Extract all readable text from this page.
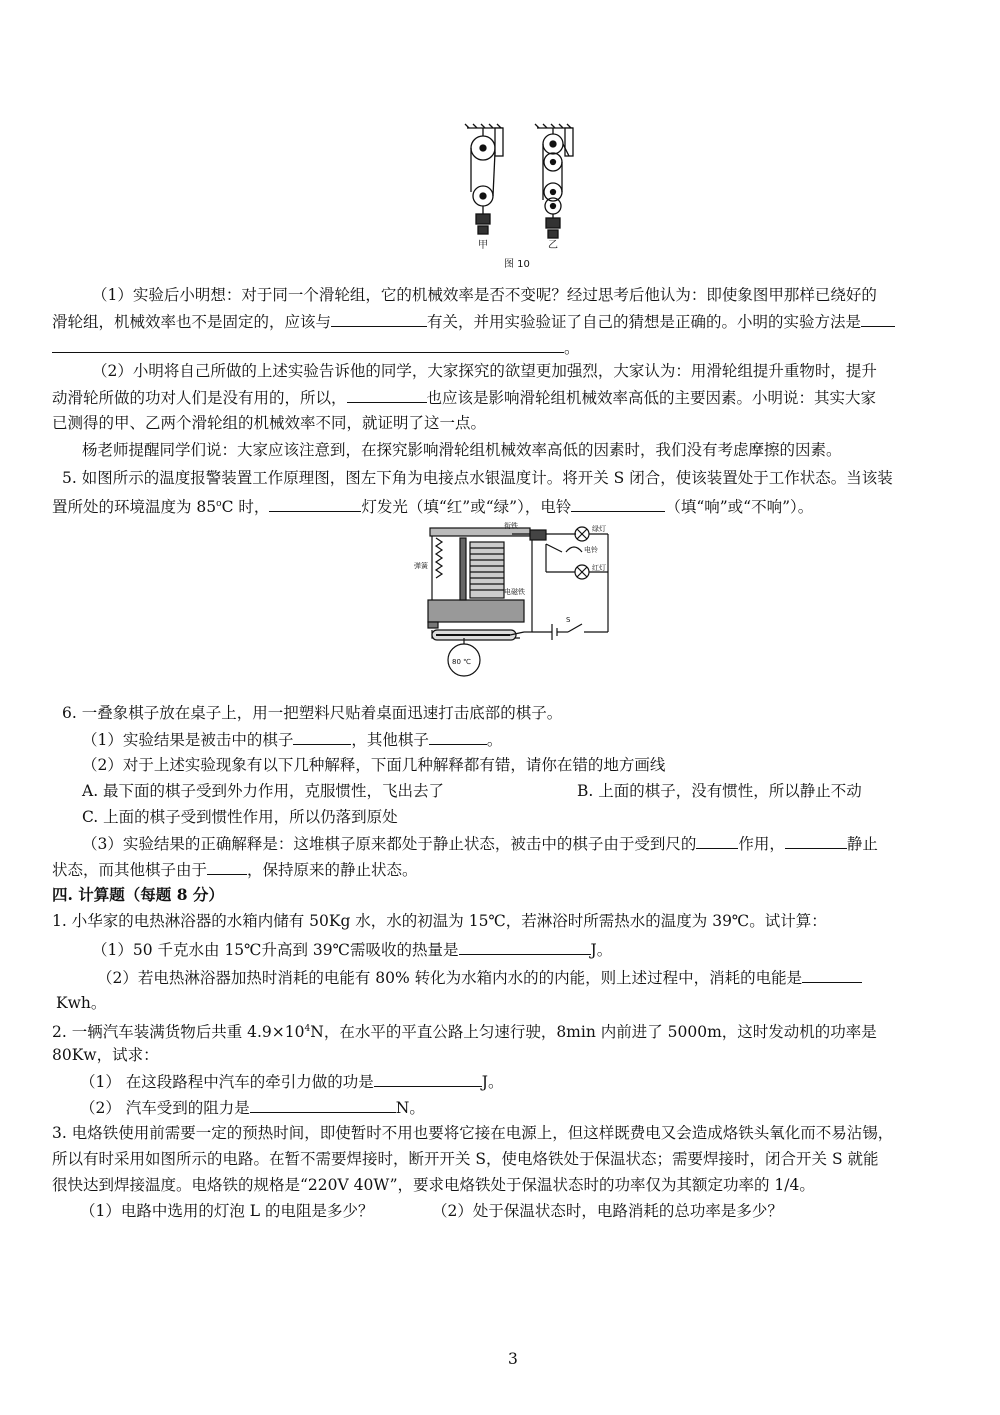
甲	乙
图 10
（1）实验后小明想：对于同一个滑轮组，它的机械效率是否不变呢？经过思考后他认为：即使象图甲那样已绕好的
滑轮组，机械效率也不是固定的，应该与	有关，并用实验验证了自己的猜想是正确的。小明的实验方法是
。
（2）小明将自己所做的上述实验告诉他的同学，大家探究的欲望更加强烈，大家认为：用滑轮组提升重物时，提升
动滑轮所做的功对人们是没有用的，所以，	也应该是影响滑轮组机械效率高低的主要因素。小明说：其实大家
已测得的甲、乙两个滑轮组的机械效率不同，就证明了这一点。
杨老师提醒同学们说：大家应该注意到，在探究影响滑轮组机械效率高低的因素时，我们没有考虑摩擦的因素。
5. 如图所示的温度报警装置工作原理图，图左下角为电接点水银温度计。将开关 S 闭合，使该装置处于工作状态。当该装
置所处的环境温度为 85$^o$C 时，	灯发光（填“红”或“绿”），电铃	（填“响”或“不响”）。
衔铁
弹簧
电磁铁
绿灯
电铃
红灯
S
80 ℃
6. 一叠象棋子放在桌子上，用一把塑料尺贴着桌面迅速打击底部的棋子。
（1）实验结果是被击中的棋子	，其他棋子	。
（2）对于上述实验现象有以下几种解释，下面几种解释都有错，请你在错的地方画线
A. 最下面的棋子受到外力作用，克服惯性，飞出去了	B. 上面的棋子，没有惯性，所以静止不动
C. 上面的棋子受到惯性作用，所以仍落到原处
（3）实验结果的正确解释是：这堆棋子原来都处于静止状态，被击中的棋子由于受到尺的	作用，	静止
状态，而其他棋子由于	，保持原来的静止状态。
四. 计算题（每题 8 分）
1. 小华家的电热淋浴器的水箱内储有 50Kg 水，水的初温为 15℃，若淋浴时所需热水的温度为 39℃。试计算：
（1）50 千克水由 15℃升高到 39℃需吸收的热量是	J。
（2）若电热淋浴器加热时消耗的电能有 80% 转化为水箱内水的的内能，则上述过程中，消耗的电能是
Kwh。
2. 一辆汽车装满货物后共重 $4.9\times 10^4N$，在水平的平直公路上匀速行驶，8min 内前进了 5000m，这时发动机的功率是
80Kw，试求：
（1） 在这段路程中汽车的牵引力做的功是	J。
（2） 汽车受到的阻力是	N。
3. 电烙铁使用前需要一定的预热时间，即使暂时不用也要将它接在电源上，但这样既费电又会造成烙铁头氧化而不易沾锡，
所以有时采用如图所示的电路。在暂不需要焊接时，断开开关 S，使电烙铁处于保温状态；需要焊接时，闭合开关 S 就能
很快达到焊接温度。电烙铁的规格是“220V 40W”，要求电烙铁处于保温状态时的功率仅为其额定功率的 1/4。
（1）电路中选用的灯泡 L 的电阻是多少？	（2）处于保温状态时，电路消耗的总功率是多少？
3
